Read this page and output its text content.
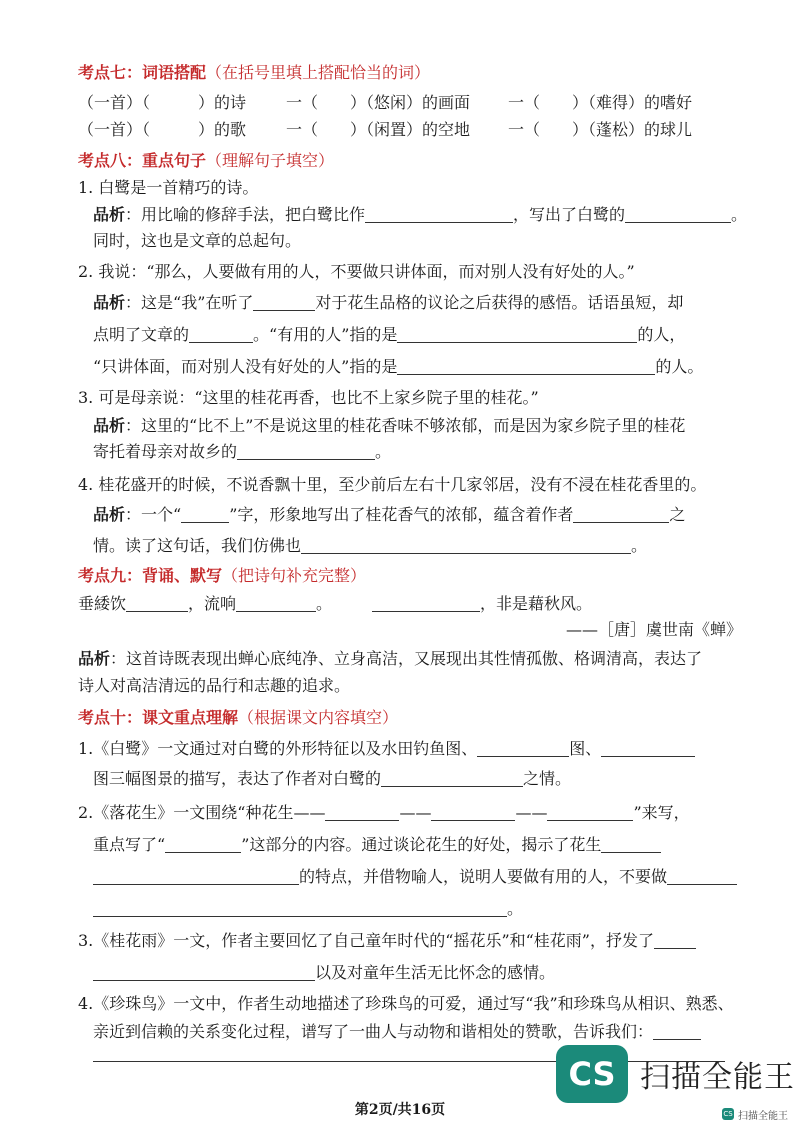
考点七：词语搭配（在括号里填上搭配恰当的词）
（一首）（　　　）的诗 一（　　）（悠闲）的画面 一（　　）（难得）的嗜好
（一首）（　　　）的歌 一（　　）（闲置）的空地 一（　　）（蓬松）的球儿
考点八：重点句子（理解句子填空）
1. 白鹭是一首精巧的诗。
品析：用比喻的修辞手法，把白鹭比作	，写出了白鹭的	。
同时，这也是文章的总起句。
2. 我说：“那么，人要做有用的人，不要做只讲体面，而对别人没有好处的人。”
品析：这是“我”在听了	对于花生品格的议论之后获得的感悟。话语虽短，却
点明了文章的	。“有用的人”指的是	的人，
“只讲体面，而对别人没有好处的人”指的是	的人。
3. 可是母亲说：“这里的桂花再香，也比不上家乡院子里的桂花。”
品析：这里的“比不上”不是说这里的桂花香味不够浓郁，而是因为家乡院子里的桂花
寄托着母亲对故乡的	。
4. 桂花盛开的时候，不说香飘十里，至少前后左右十几家邻居，没有不浸在桂花香里的。
品析：一个“	”字，形象地写出了桂花香气的浓郁，蕴含着作者	之
情。读了这句话，我们仿佛也	。
考点九：背诵、默写（把诗句补充完整）
垂緌饮	，流响	。	，非是藉秋风。
——［唐］虞世南《蝉》
品析：这首诗既表现出蝉心底纯净、立身高洁，又展现出其性情孤傲、格调清高，表达了
诗人对高洁清远的品行和志趣的追求。
考点十：课文重点理解（根据课文内容填空）
1.《白鹭》一文通过对白鹭的外形特征以及水田钓鱼图、	图、
图三幅图景的描写，表达了作者对白鹭的	之情。
2.《落花生》一文围绕“种花生——	——	——	”来写，
重点写了“	”这部分的内容。通过谈论花生的好处，揭示了花生
的特点，并借物喻人，说明人要做有用的人，不要做
。
3.《桂花雨》一文，作者主要回忆了自己童年时代的“摇花乐”和“桂花雨”，抒发了
以及对童年生活无比怀念的感情。
4.《珍珠鸟》一文中，作者生动地描述了珍珠鸟的可爱，通过写“我”和珍珠鸟从相识、熟悉、
亲近到信赖的关系变化过程，谱写了一曲人与动物和谐相处的赞歌，告诉我们：
CS 扫描全能王
第2页/共16页	CS 扫描全能王
